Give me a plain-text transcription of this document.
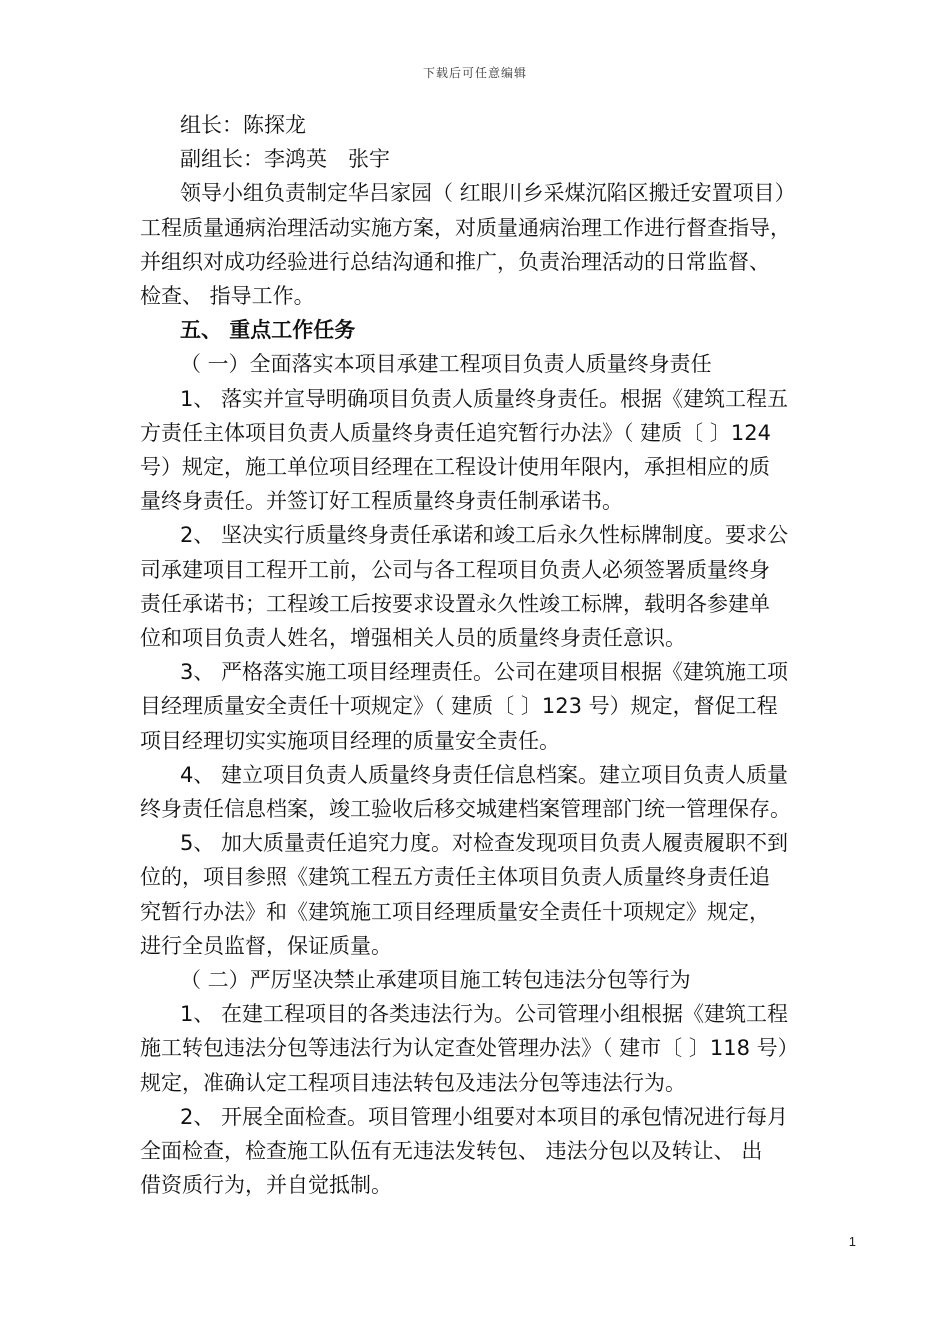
下载后可任意编辑
组长：陈探龙
副组长：李鸿英　张宇
领导小组负责制定华吕家园（ 红眼川乡采煤沉陷区搬迁安置项目）
工程质量通病治理活动实施方案，对质量通病治理工作进行督查指导，
并组织对成功经验进行总结沟通和推广，负责治理活动的日常监督、
检查、 指导工作。
五、 重点工作任务
（ 一）全面落实本项目承建工程项目负责人质量终身责任
1、 落实并宣导明确项目负责人质量终身责任。根据《建筑工程五
方责任主体项目负责人质量终身责任追究暂行办法》（ 建质〔 〕124
号）规定，施工单位项目经理在工程设计使用年限内，承担相应的质
量终身责任。并签订好工程质量终身责任制承诺书。
2、 坚决实行质量终身责任承诺和竣工后永久性标牌制度。要求公
司承建项目工程开工前，公司与各工程项目负责人必须签署质量终身
责任承诺书；工程竣工后按要求设置永久性竣工标牌，载明各参建单
位和项目负责人姓名，增强相关人员的质量终身责任意识。
3、 严格落实施工项目经理责任。公司在建项目根据《建筑施工项
目经理质量安全责任十项规定》（ 建质〔 〕123 号）规定，督促工程
项目经理切实实施项目经理的质量安全责任。
4、 建立项目负责人质量终身责任信息档案。建立项目负责人质量
终身责任信息档案，竣工验收后移交城建档案管理部门统一管理保存。
5、 加大质量责任追究力度。对检查发现项目负责人履责履职不到
位的，项目参照《建筑工程五方责任主体项目负责人质量终身责任追
究暂行办法》和《建筑施工项目经理质量安全责任十项规定》规定，
进行全员监督，保证质量。
（ 二）严厉坚决禁止承建项目施工转包违法分包等行为
1、 在建工程项目的各类违法行为。公司管理小组根据《建筑工程
施工转包违法分包等违法行为认定查处管理办法》（ 建市〔 〕118 号）
规定，准确认定工程项目违法转包及违法分包等违法行为。
2、 开展全面检查。项目管理小组要对本项目的承包情况进行每月
全面检查，检查施工队伍有无违法发转包、 违法分包以及转让、 出
借资质行为，并自觉抵制。
1
